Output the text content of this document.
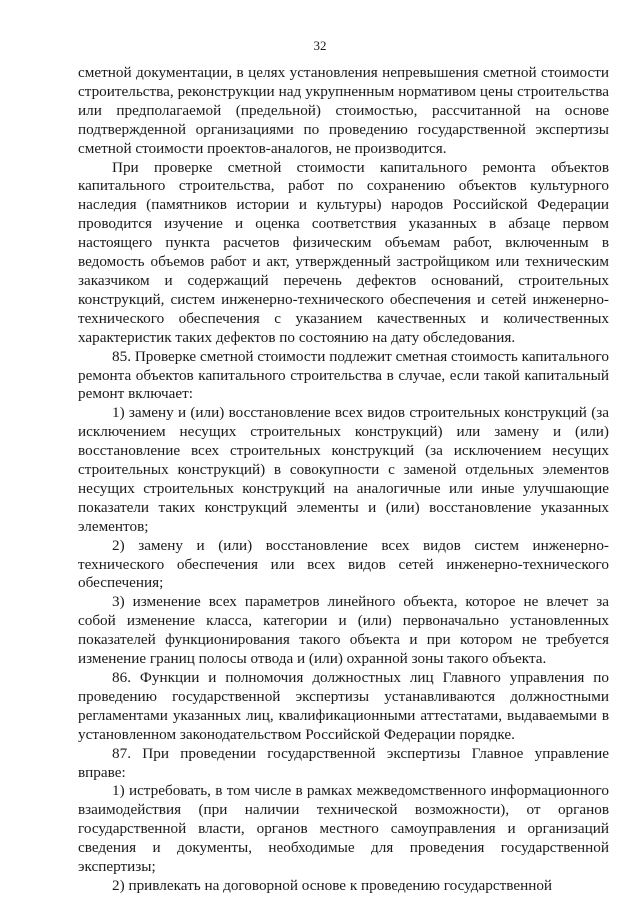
32

сметной документации, в целях установления непревышения сметной стоимости строительства, реконструкции над укрупненным нормативом цены строительства или предполагаемой (предельной) стоимостью, рассчитанной на основе подтвержденной организациями по проведению государственной экспертизы сметной стоимости проектов-аналогов, не производится.

При проверке сметной стоимости капитального ремонта объектов капитального строительства, работ по сохранению объектов культурного наследия (памятников истории и культуры) народов Российской Федерации проводится изучение и оценка соответствия указанных в абзаце первом настоящего пункта расчетов физическим объемам работ, включенным в ведомость объемов работ и акт, утвержденный застройщиком или техническим заказчиком и содержащий перечень дефектов оснований, строительных конструкций, систем инженерно-технического обеспечения и сетей инженерно-технического обеспечения с указанием качественных и количественных характеристик таких дефектов по состоянию на дату обследования.

85. Проверке сметной стоимости подлежит сметная стоимость капитального ремонта объектов капитального строительства в случае, если такой капитальный ремонт включает:

1) замену и (или) восстановление всех видов строительных конструкций (за исключением несущих строительных конструкций) или замену и (или) восстановление всех строительных конструкций (за исключением несущих строительных конструкций) в совокупности с заменой отдельных элементов несущих строительных конструкций на аналогичные или иные улучшающие показатели таких конструкций элементы и (или) восстановление указанных элементов;

2) замену и (или) восстановление всех видов систем инженерно-технического обеспечения или всех видов сетей инженерно-технического обеспечения;

3) изменение всех параметров линейного объекта, которое не влечет за собой изменение класса, категории и (или) первоначально установленных показателей функционирования такого объекта и при котором не требуется изменение границ полосы отвода и (или) охранной зоны такого объекта.

86. Функции и полномочия должностных лиц Главного управления по проведению государственной экспертизы устанавливаются должностными регламентами указанных лиц, квалификационными аттестатами, выдаваемыми в установленном законодательством Российской Федерации порядке.

87. При проведении государственной экспертизы Главное управление вправе:

1) истребовать, в том числе в рамках межведомственного информационного взаимодействия (при наличии технической возможности), от органов государственной власти, органов местного самоуправления и организаций сведения и документы, необходимые для проведения государственной экспертизы;

2) привлекать на договорной основе к проведению государственной
